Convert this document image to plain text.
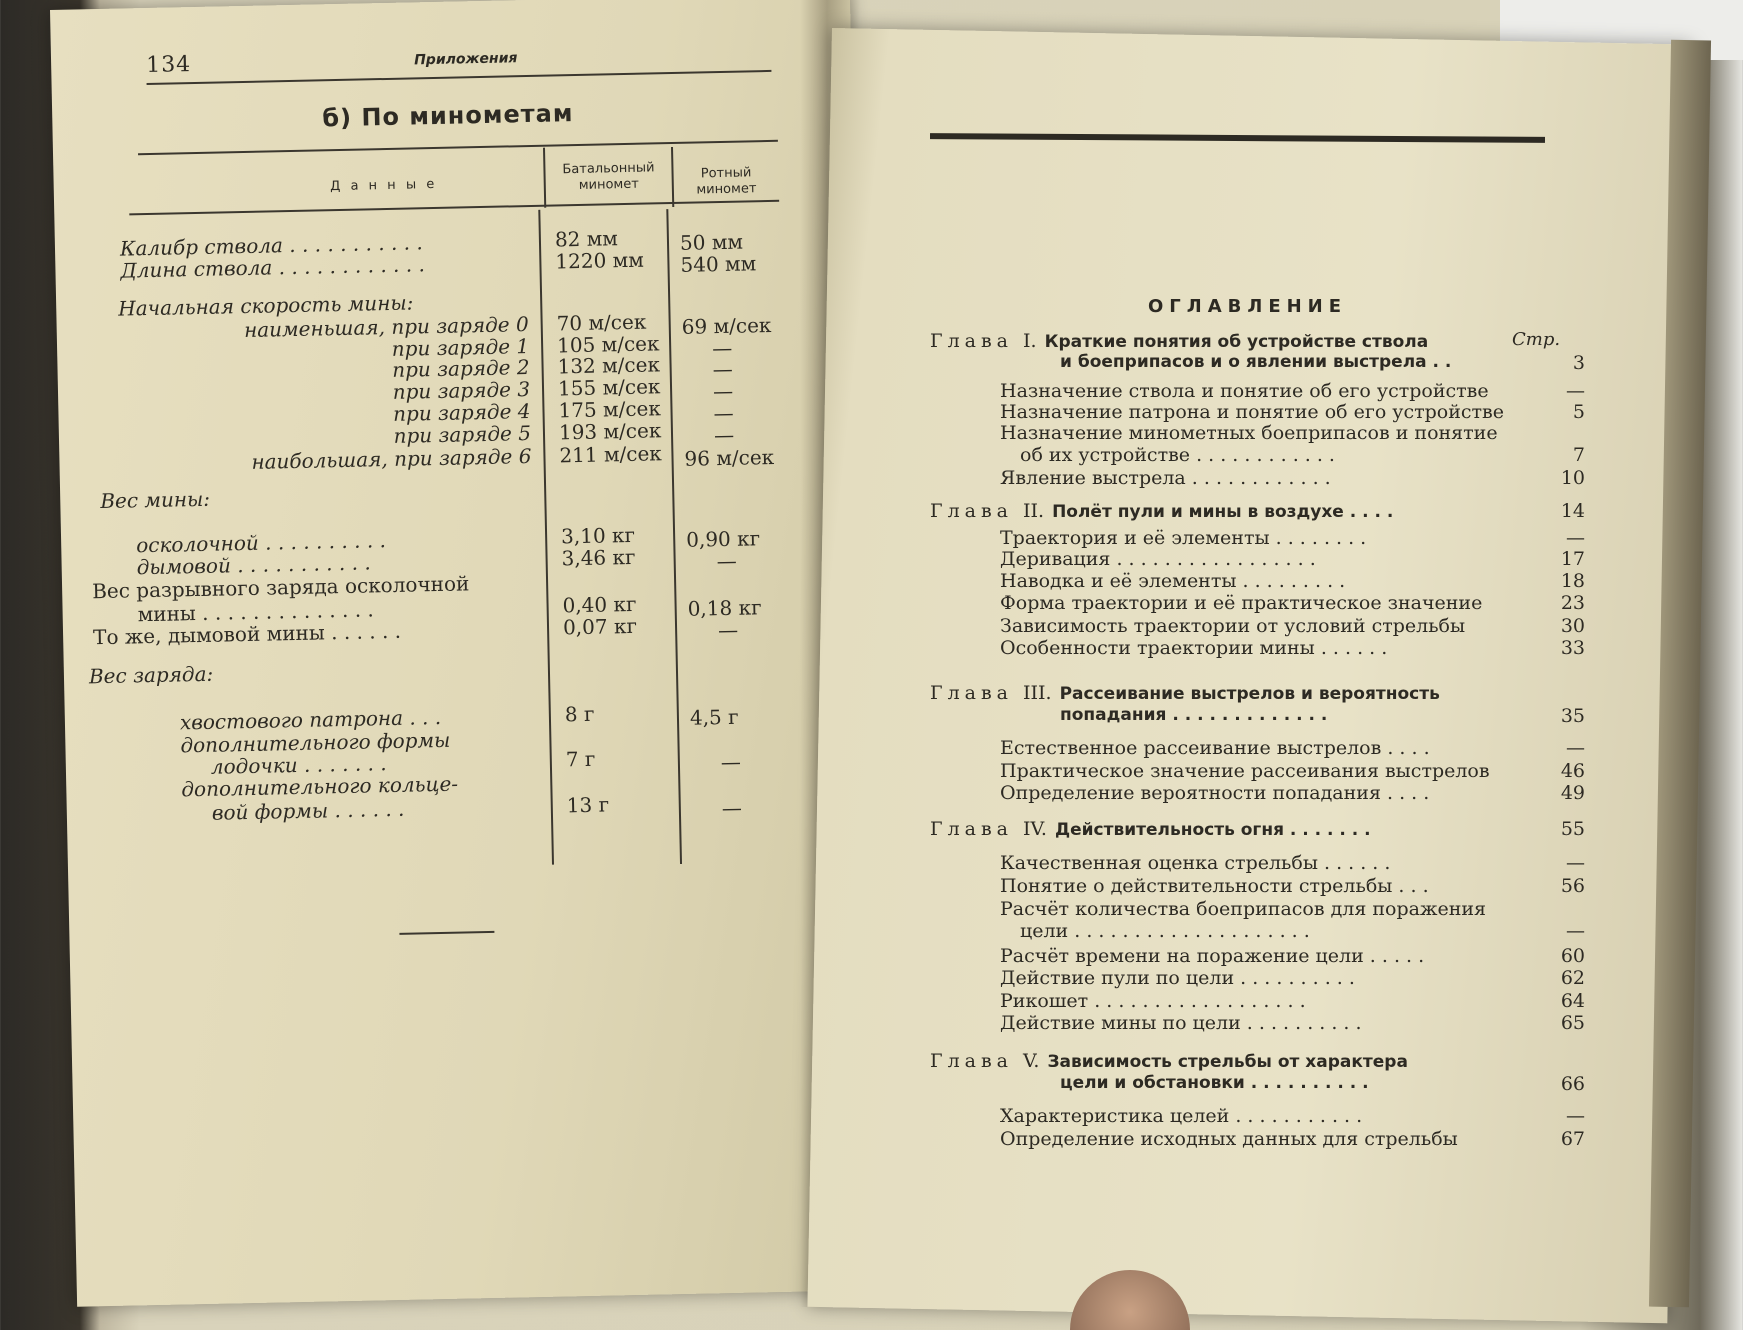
134	Приложения
б) По минометам
Д а н н ы е
Батальонный миномет
Ротный миномет
Калибр ствола . . . . . . . . . . .	82 мм	50 мм
Длина ствола . . . . . . . . . . . .	1220 мм 540 мм
Начальная скорость мины:
наименьшая, при заряде 0 70 м/сек 69 м/сек
при заряде 1 105 м/сек	—
при заряде 2 132 м/сек	—
при заряде 3 155 м/сек	—
при заряде 4 175 м/сек	—
при заряде 5 193 м/сек	—
наибольшая, при заряде 6 211 м/сек 96 м/сек
Вес мины:
осколочной . . . . . . . . . .	3,10 кг	0,90 кг
дымовой . . . . . . . . . . .	3,46 кг	—
Вес разрывного заряда осколочной
мины . . . . . . . . . . . . . .	0,40 кг	0,18 кг
То же, дымовой мины . . . . . .	0,07 кг	—
Вес заряда:
хвостового патрона . . .	8 г	4,5 г
дополнительного формы
лодочки . . . . . . .	7 г	—
дополнительного кольце-
вой формы . . . . . .	13 г	—
ОГЛАВЛЕНИЕ
Стр.
Глава I. Краткие понятия об устройстве ствола
и боеприпасов и о явлении выстрела . .	3
Назначение ствола и понятие об его устройстве	—
Назначение патрона и понятие об его устройстве	5
Назначение минометных боеприпасов и понятие
об их устройстве . . . . . . . . . . . .	7
Явление выстрела . . . . . . . . . . . .	10
Глава II. Полёт пули и мины в воздухе . . . .	14
Траектория и её элементы . . . . . . . .	—
Деривация . . . . . . . . . . . . . . . . .	17
Наводка и её элементы . . . . . . . . .	18
Форма траектории и её практическое значение	23
Зависимость траектории от условий стрельбы	30
Особенности траектории мины . . . . . .	33
Глава III. Рассеивание выстрелов и вероятность
попадания . . . . . . . . . . . . .	35
Естественное рассеивание выстрелов . . . .	—
Практическое значение рассеивания выстрелов	46
Определение вероятности попадания . . . .	49
Глава IV. Действительность огня . . . . . . .	55
Качественная оценка стрельбы . . . . . .	—
Понятие о действительности стрельбы . . .	56
Расчёт количества боеприпасов для поражения
цели . . . . . . . . . . . . . . . . . . . .	—
Расчёт времени на поражение цели . . . . .	60
Действие пули по цели . . . . . . . . . .	62
Рикошет . . . . . . . . . . . . . . . . . .	64
Действие мины по цели . . . . . . . . . .	65
Глава V. Зависимость стрельбы от характера
цели и обстановки . . . . . . . . . .	66
Характеристика целей . . . . . . . . . . .	—
Определение исходных данных для стрельбы	67
